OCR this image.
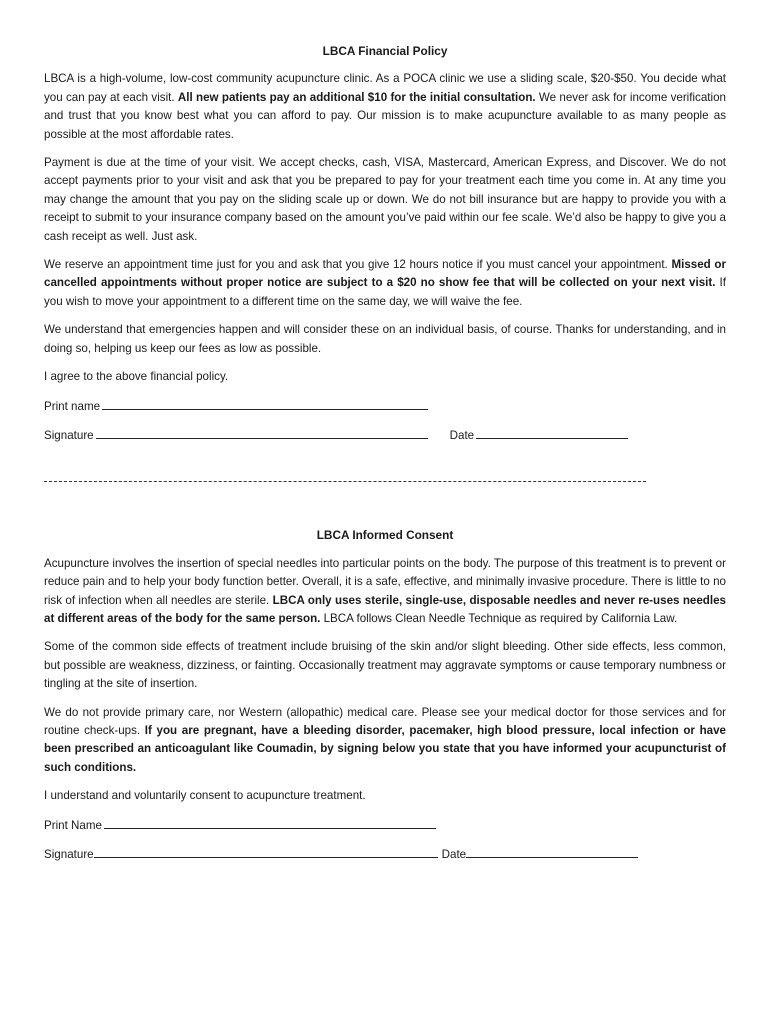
LBCA Financial Policy

LBCA is a high-volume, low-cost community acupuncture clinic. As a POCA clinic we use a sliding scale, $20-$50. You decide what you can pay at each visit. All new patients pay an additional $10 for the initial consultation. We never ask for income verification and trust that you know best what you can afford to pay. Our mission is to make acupuncture available to as many people as possible at the most affordable rates.

Payment is due at the time of your visit. We accept checks, cash, VISA, Mastercard, American Express, and Discover. We do not accept payments prior to your visit and ask that you be prepared to pay for your treatment each time you come in. At any time you may change the amount that you pay on the sliding scale up or down. We do not bill insurance but are happy to provide you with a receipt to submit to your insurance company based on the amount you’ve paid within our fee scale. We’d also be happy to give you a cash receipt as well. Just ask.

We reserve an appointment time just for you and ask that you give 12 hours notice if you must cancel your appointment. Missed or cancelled appointments without proper notice are subject to a $20 no show fee that will be collected on your next visit. If you wish to move your appointment to a different time on the same day, we will waive the fee.

We understand that emergencies happen and will consider these on an individual basis, of course. Thanks for understanding, and in doing so, helping us keep our fees as low as possible.

I agree to the above financial policy.

Print name
Signature	Date
LBCA Informed Consent

Acupuncture involves the insertion of special needles into particular points on the body. The purpose of this treatment is to prevent or reduce pain and to help your body function better. Overall, it is a safe, effective, and minimally invasive procedure. There is little to no risk of infection when all needles are sterile. LBCA only uses sterile, single-use, disposable needles and never re-uses needles at different areas of the body for the same person. LBCA follows Clean Needle Technique as required by California Law.

Some of the common side effects of treatment include bruising of the skin and/or slight bleeding. Other side effects, less common, but possible are weakness, dizziness, or fainting. Occasionally treatment may aggravate symptoms or cause temporary numbness or tingling at the site of insertion.

We do not provide primary care, nor Western (allopathic) medical care. Please see your medical doctor for those services and for routine check-ups. If you are pregnant, have a bleeding disorder, pacemaker, high blood pressure, local infection or have been prescribed an anticoagulant like Coumadin, by signing below you state that you have informed your acupuncturist of such conditions.

I understand and voluntarily consent to acupuncture treatment.

Print Name
Signature	Date
